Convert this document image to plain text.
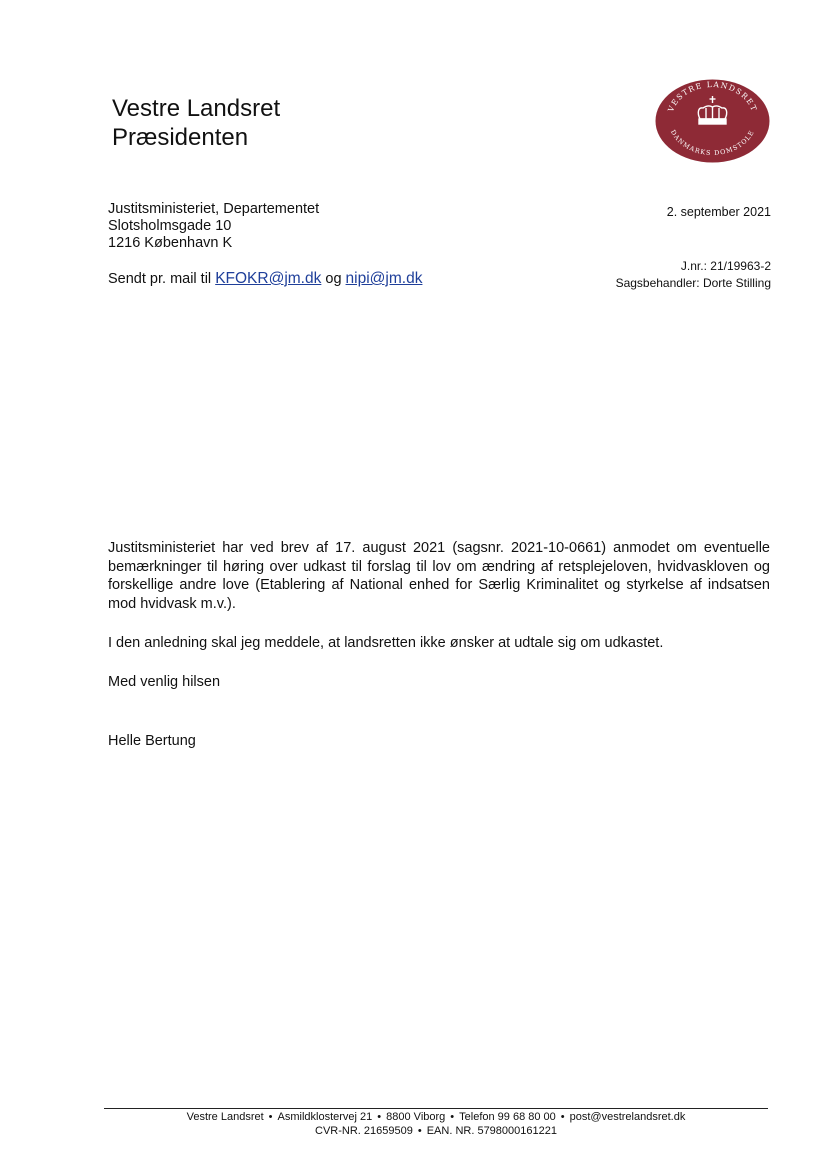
Vestre Landsret
Præsidenten
VESTRE LANDSRET
DANMARKS DOMSTOLE
Justitsministeriet, Departementet
Slotsholmsgade 10
1216 København K
Sendt pr. mail til KFOKR@jm.dk og nipi@jm.dk
2. september 2021
J.nr.: 21/19963-2
Sagsbehandler: Dorte Stilling
Justitsministeriet har ved brev af 17. august 2021 (sagsnr. 2021-10-0661) anmodet om eventuelle bemærkninger til høring over udkast til forslag til lov om ændring af retsplejeloven, hvidvaskloven og forskellige andre love (Etablering af National enhed for Særlig Kriminalitet og styrkelse af indsatsen mod hvidvask m.v.).
I den anledning skal jeg meddele, at landsretten ikke ønsker at udtale sig om udkastet.
Med venlig hilsen
Helle Bertung
Vestre Landsret • Asmildklostervej 21 • 8800 Viborg • Telefon 99 68 80 00 • post@vestrelandsret.dk
CVR-NR. 21659509 • EAN. NR. 5798000161221
